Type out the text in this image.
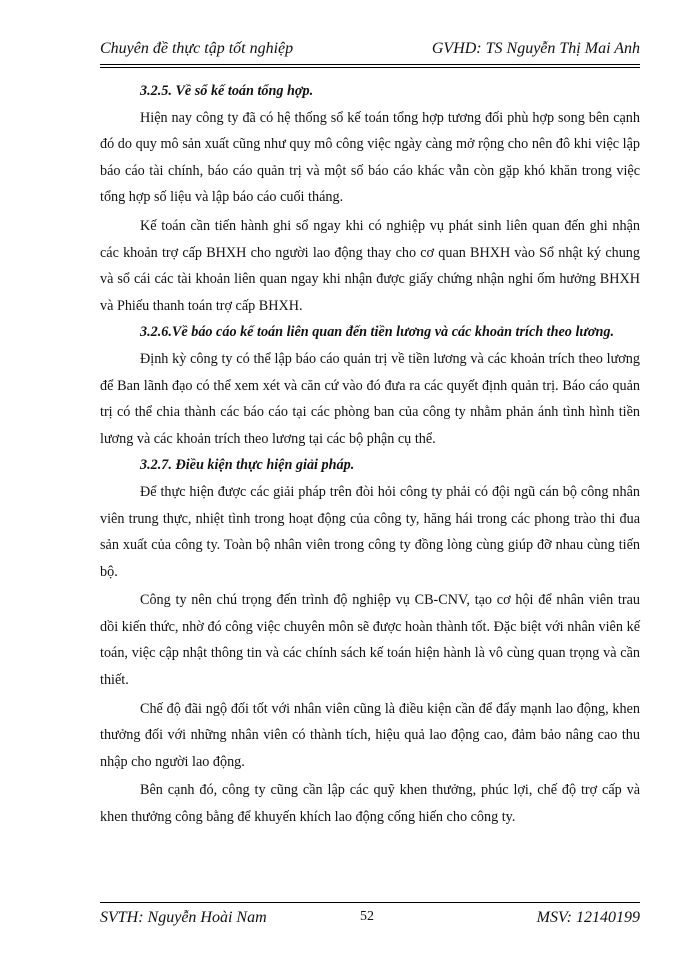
Chuyên đề thực tập tốt nghiệp	GVHD: TS Nguyễn Thị Mai Anh
3.2.5. Về sổ kế toán tổng hợp.

Hiện nay công ty đã có hệ thống sổ kế toán tổng hợp tương đối phù hợp song bên cạnh đó do quy mô sản xuất cũng như quy mô công việc ngày càng mở rộng cho nên đô khi việc lập báo cáo tài chính, báo cáo quản trị và một số báo cáo khác vẫn còn gặp khó khăn trong việc tổng hợp số liệu và lập báo cáo cuối tháng.

Kế toán cần tiến hành ghi sổ ngay khi có nghiệp vụ phát sinh liên quan đến ghi nhận các khoản trợ cấp BHXH cho người lao động thay cho cơ quan BHXH vào Sổ nhật ký chung và sổ cái các tài khoản liên quan ngay khi nhận được giấy chứng nhận nghỉ ốm hưởng BHXH và Phiếu thanh toán trợ cấp BHXH.

3.2.6.Về báo cáo kế toán liên quan đến tiền lương và các khoản trích theo lương.

Định kỳ công ty có thể lập báo cáo quản trị về tiền lương và các khoản trích theo lương để Ban lãnh đạo có thể xem xét và căn cứ vào đó đưa ra các quyết định quản trị. Báo cáo quản trị có thể chia thành các báo cáo tại các phòng ban của công ty nhằm phản ánh tình hình tiền lương và các khoản trích theo lương tại các bộ phận cụ thể.

3.2.7. Điều kiện thực hiện giải pháp.

Để thực hiện được các giải pháp trên đòi hỏi công ty phải có đội ngũ cán bộ công nhân viên trung thực, nhiệt tình trong hoạt động của công ty, hăng hái trong các phong trào thi đua sản xuất của công ty. Toàn bộ nhân viên trong công ty đồng lòng cùng giúp đỡ nhau cùng tiến bộ.

Công ty nên chú trọng đến trình độ nghiệp vụ CB-CNV, tạo cơ hội để nhân viên trau dồi kiến thức, nhờ đó công việc chuyên môn sẽ được hoàn thành tốt. Đặc biệt với nhân viên kế toán, việc cập nhật thông tin và các chính sách kế toán hiện hành là vô cùng quan trọng và cần thiết.

Chế độ đãi ngộ đối tốt với nhân viên cũng là điều kiện cần để đẩy mạnh lao động, khen thưởng đối với những nhân viên có thành tích, hiệu quả lao động cao, đảm bảo nâng cao thu nhập cho người lao động.

Bên cạnh đó, công ty cũng cần lập các quỹ khen thưởng, phúc lợi, chế độ trợ cấp và khen thưởng công bằng để khuyến khích lao động cống hiến cho công ty.

SVTH: Nguyễn Hoài Nam	52	MSV: 12140199
